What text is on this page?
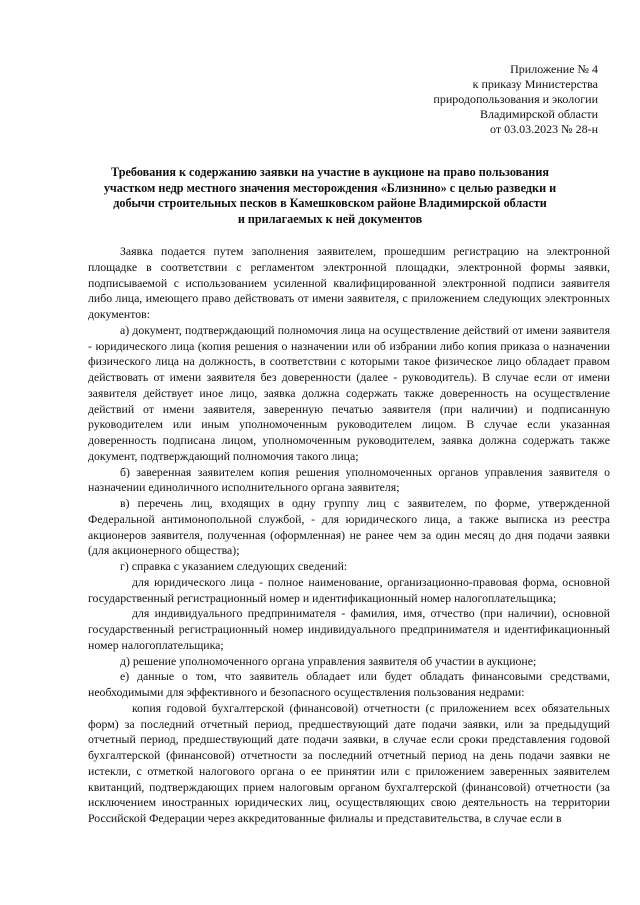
Приложение № 4
к приказу Министерства
природопользования и экологии
Владимирской области
от 03.03.2023 № 28-н
Требования к содержанию заявки на участие в аукционе на право пользования
участком недр местного значения месторождения «Близнино» с целью разведки и
добычи строительных песков в Камешковском районе Владимирской области
и прилагаемых к ней документов

Заявка подается путем заполнения заявителем, прошедшим регистрацию на электронной площадке в соответствии с регламентом электронной площадки, электронной формы заявки, подписываемой с использованием усиленной квалифицированной электронной подписи заявителя либо лица, имеющего право действовать от имени заявителя, с приложением следующих электронных документов:

а) документ, подтверждающий полномочия лица на осуществление действий от имени заявителя - юридического лица (копия решения о назначении или об избрании либо копия приказа о назначении физического лица на должность, в соответствии с которыми такое физическое лицо обладает правом действовать от имени заявителя без доверенности (далее - руководитель). В случае если от имени заявителя действует иное лицо, заявка должна содержать также доверенность на осуществление действий от имени заявителя, заверенную печатью заявителя (при наличии) и подписанную руководителем или иным уполномоченным руководителем лицом. В случае если указанная доверенность подписана лицом, уполномоченным руководителем, заявка должна содержать также документ, подтверждающий полномочия такого лица;

б) заверенная заявителем копия решения уполномоченных органов управления заявителя о назначении единоличного исполнительного органа заявителя;

в) перечень лиц, входящих в одну группу лиц с заявителем, по форме, утвержденной Федеральной антимонопольной службой, - для юридического лица, а также выписка из реестра акционеров заявителя, полученная (оформленная) не ранее чем за один месяц до дня подачи заявки (для акционерного общества);

г) справка с указанием следующих сведений:

для юридического лица - полное наименование, организационно-правовая форма, основной государственный регистрационный номер и идентификационный номер налогоплательщика;

для индивидуального предпринимателя - фамилия, имя, отчество (при наличии), основной государственный регистрационный номер индивидуального предпринимателя и идентификационный номер налогоплательщика;

д) решение уполномоченного органа управления заявителя об участии в аукционе;

е) данные о том, что заявитель обладает или будет обладать финансовыми средствами, необходимыми для эффективного и безопасного осуществления пользования недрами:

копия годовой бухгалтерской (финансовой) отчетности (с приложением всех обязательных форм) за последний отчетный период, предшествующий дате подачи заявки, или за предыдущий отчетный период, предшествующий дате подачи заявки, в случае если сроки представления годовой бухгалтерской (финансовой) отчетности за последний отчетный период на день подачи заявки не истекли, с отметкой налогового органа о ее принятии или с приложением заверенных заявителем квитанций, подтверждающих прием налоговым органом бухгалтерской (финансовой) отчетности (за исключением иностранных юридических лиц, осуществляющих свою деятельность на территории Российской Федерации через аккредитованные филиалы и представительства, в случае если в
